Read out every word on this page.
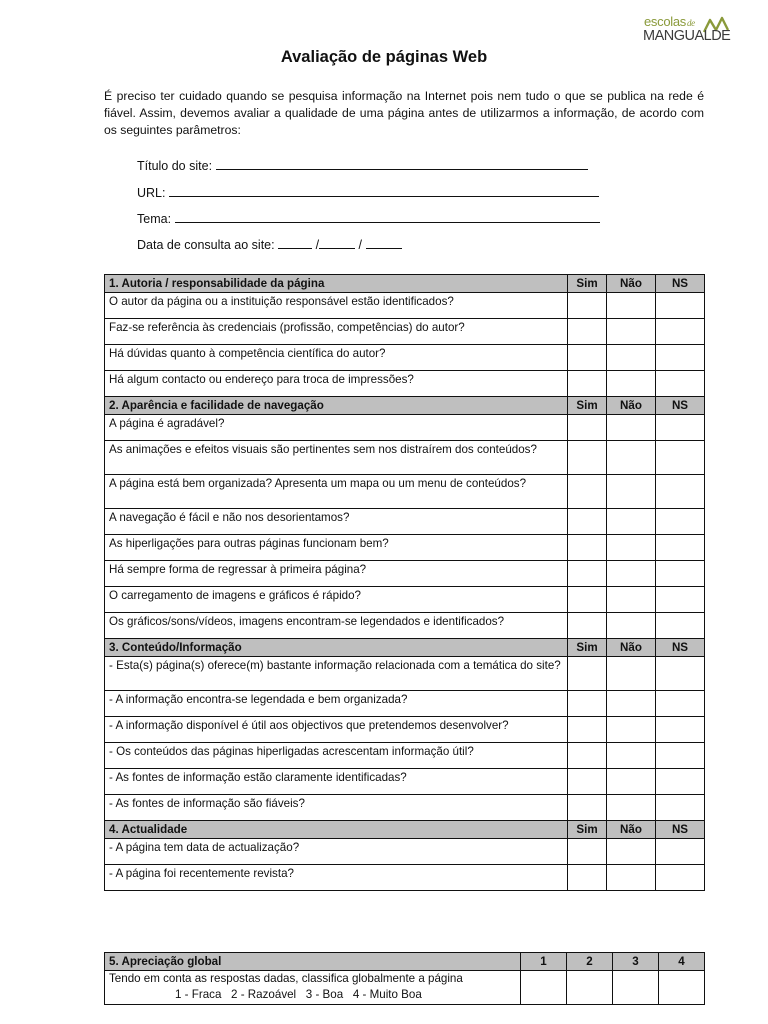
escolasde
MANGUALDE
Avaliação de páginas Web

É preciso ter cuidado quando se pesquisa informação na Internet pois nem tudo o que se publica na rede é fiável. Assim, devemos avaliar a qualidade de uma página antes de utilizarmos a informação, de acordo com os seguintes parâmetros:

Título do site:
URL:
Tema:
Data de consulta ao site:	/	/
1. Autoria / responsabilidade da página	Sim	Não	NS
O autor da página ou a instituição responsável estão identificados?			
Faz-se referência às credenciais (profissão, competências) do autor?			
Há dúvidas quanto à competência científica do autor?			
Há algum contacto ou endereço para troca de impressões?			
2. Aparência e facilidade de navegação	Sim	Não	NS
A página é agradável?			
As animações e efeitos visuais são pertinentes sem nos distraírem dos conteúdos?			
A página está bem organizada? Apresenta um mapa ou um menu de conteúdos?			
A navegação é fácil e não nos desorientamos?			
As hiperligações para outras páginas funcionam bem?			
Há sempre forma de regressar à primeira página?			
O carregamento de imagens e gráficos é rápido?			
Os gráficos/sons/vídeos, imagens encontram-se legendados e identificados?			
3. Conteúdo/Informação	Sim	Não	NS
- Esta(s) página(s) oferece(m) bastante informação relacionada com a temática do site?			
- A informação encontra-se legendada e bem organizada?			
- A informação disponível é útil aos objectivos que pretendemos desenvolver?			
- Os conteúdos das páginas hiperligadas acrescentam informação útil?			
- As fontes de informação estão claramente identificadas?			
- As fontes de informação são fiáveis?			
4. Actualidade	Sim	Não	NS
- A página tem data de actualização?			
- A página foi recentemente revista?			
5. Apreciação global	1	2	3	4

Tendo em conta as respostas dadas, classifica globalmente a página
1 - Fraca   2 - Razoável   3 - Boa   4 - Muito Boa				
